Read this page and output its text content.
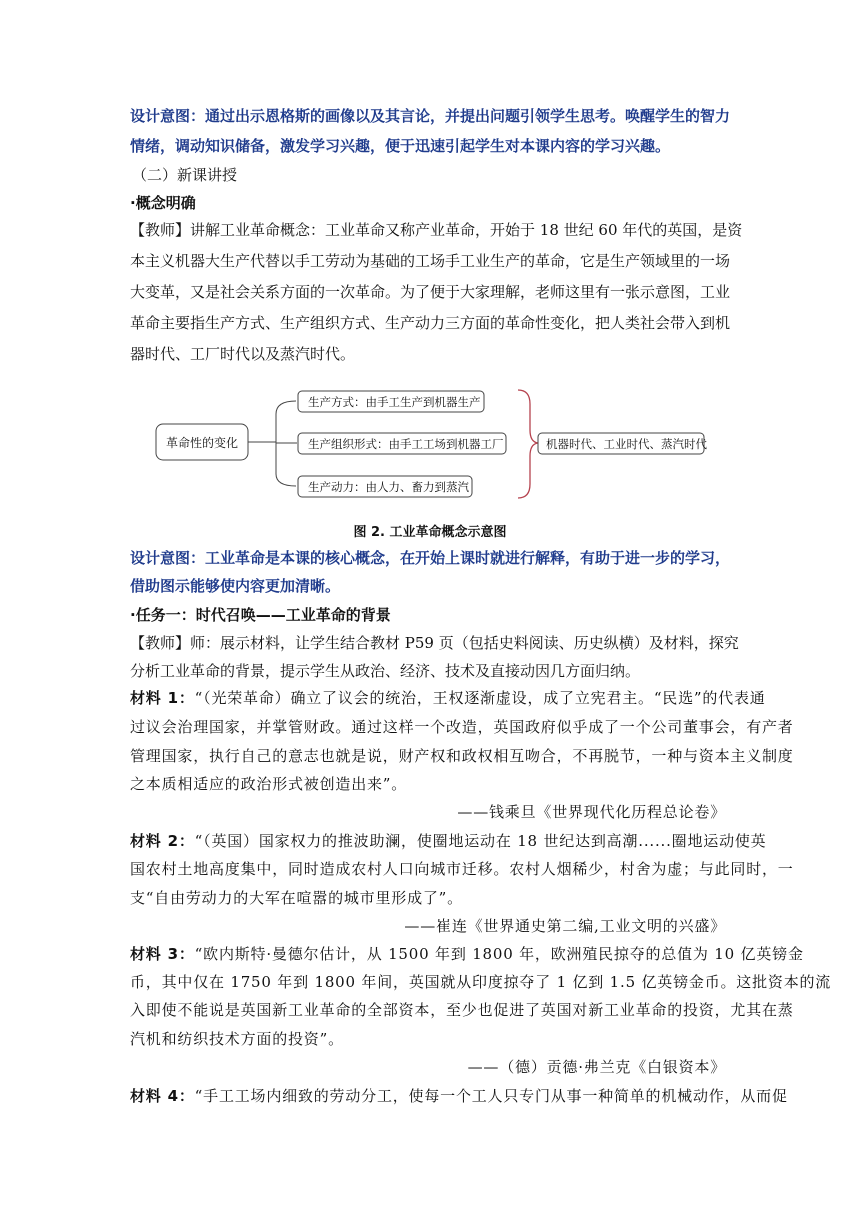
设计意图：通过出示恩格斯的画像以及其言论，并提出问题引领学生思考。唤醒学生的智力
情绪，调动知识储备，激发学习兴趣，便于迅速引起学生对本课内容的学习兴趣。
（二）新课讲授
·概念明确
【教师】讲解工业革命概念：工业革命又称产业革命，开始于 18 世纪 60 年代的英国，是资
本主义机器大生产代替以手工劳动为基础的工场手工业生产的革命，它是生产领域里的一场
大变革，又是社会关系方面的一次革命。为了便于大家理解，老师这里有一张示意图，工业
革命主要指生产方式、生产组织方式、生产动力三方面的革命性变化，把人类社会带入到机
器时代、工厂时代以及蒸汽时代。
革命性的变化
生产方式：由手工生产到机器生产
生产组织形式：由手工工场到机器工厂
生产动力：由人力、畜力到蒸汽
机器时代、工业时代、蒸汽时代
图 2. 工业革命概念示意图
设计意图：工业革命是本课的核心概念，在开始上课时就进行解释，有助于进一步的学习，
借助图示能够使内容更加清晰。
·任务一：时代召唤——工业革命的背景
【教师】师：展示材料，让学生结合教材 P59 页（包括史料阅读、历史纵横）及材料，探究
分析工业革命的背景，提示学生从政治、经济、技术及直接动因几方面归纳。
材料 1：“（光荣革命）确立了议会的统治，王权逐渐虚设，成了立宪君主。“民选”的代表通
过议会治理国家，并掌管财政。通过这样一个改造，英国政府似乎成了一个公司董事会，有产者
管理国家，执行自己的意志也就是说，财产权和政权相互吻合，不再脱节，一种与资本主义制度
之本质相适应的政治形式被创造出来”。
——钱乘旦《世界现代化历程总论卷》
材料 2：“（英国）国家权力的推波助澜，使圈地运动在 18 世纪达到高潮......圈地运动使英
国农村土地高度集中，同时造成农村人口向城市迁移。农村人烟稀少，村舍为虚；与此同时，一
支“自由劳动力的大军在喧嚣的城市里形成了”。
——崔连《世界通史第二编,工业文明的兴盛》
材料 3：“欧内斯特·曼德尔估计，从 1500 年到 1800 年，欧洲殖民掠夺的总值为 10 亿英镑金
币，其中仅在 1750 年到 1800 年间，英国就从印度掠夺了 1 亿到 1.5 亿英镑金币。这批资本的流
入即使不能说是英国新工业革命的全部资本，至少也促进了英国对新工业革命的投资，尤其在蒸
汽机和纺织技术方面的投资”。
——（德）贡德·弗兰克《白银资本》
材料 4：“手工工场内细致的劳动分工，使每一个工人只专门从事一种简单的机械动作，从而促
